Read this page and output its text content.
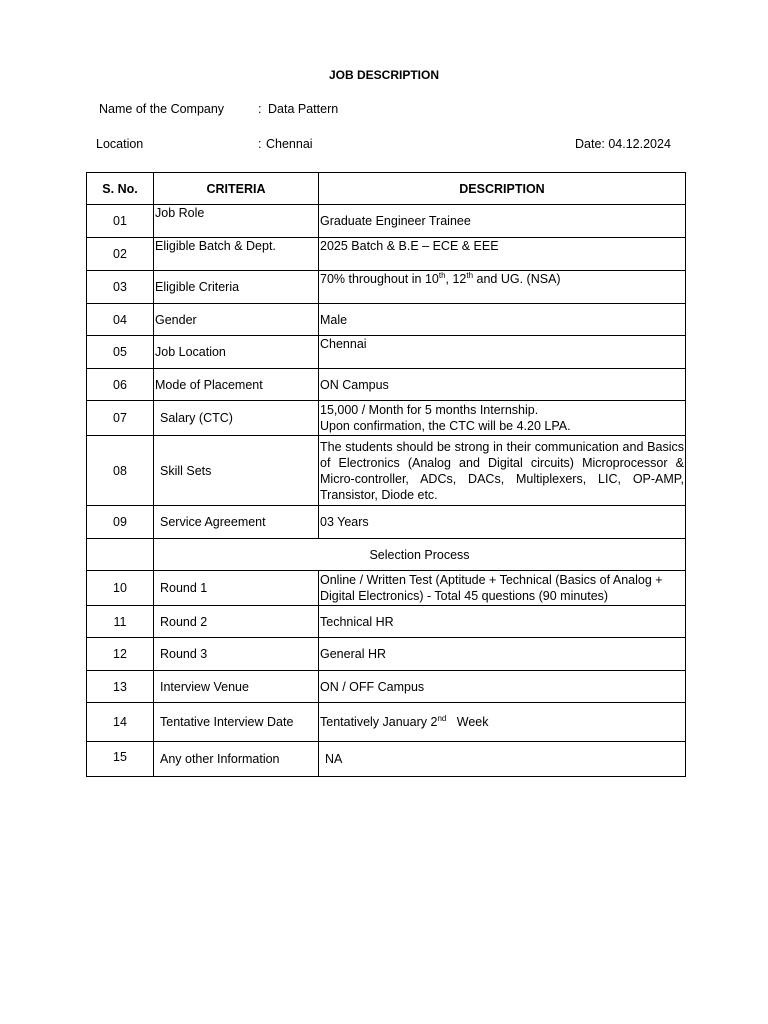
JOB DESCRIPTION
Name of the Company	: Data Pattern
Location	: Chennai	Date: 04.12.2024
S. No.	CRITERIA	DESCRIPTION
01	Job Role	Graduate Engineer Trainee
02	Eligible Batch & Dept.	2025 Batch & B.E – ECE & EEE
03	Eligible Criteria	70% throughout in 10th, 12th and UG. (NSA)
04	Gender	Male
05	Job Location	Chennai
06	Mode of Placement	ON Campus
07	Salary (CTC)	15,000 / Month for 5 months Internship.
Upon confirmation, the CTC will be 4.20 LPA.

08	Skill Sets	The students should be strong in their communication and Basics of Electronics (Analog and Digital circuits) Microprocessor & Micro-controller, ADCs, DACs, Multiplexers, LIC, OP-AMP, Transistor, Diode etc.
09	Service Agreement	03 Years
	Selection Process	
10	Round 1	Online / Written Test (Aptitude + Technical (Basics of Analog + Digital Electronics) - Total 45 questions (90 minutes)
11	Round 2	Technical HR
12	Round 3	General HR
13	Interview Venue	ON / OFF Campus
14	Tentative Interview Date	Tentatively January 2nd   Week
15	Any other Information	NA
